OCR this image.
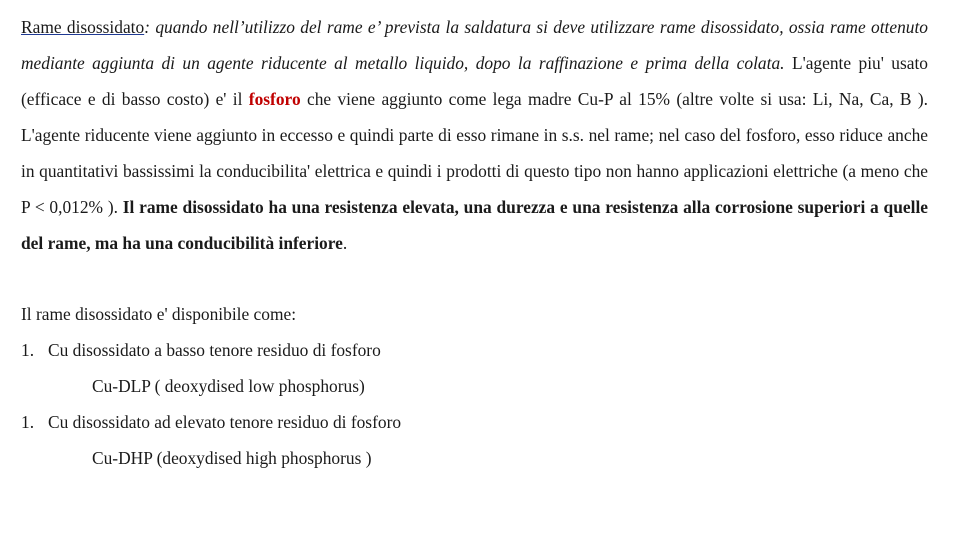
Rame disossidato: quando nell’utilizzo del rame e’ prevista la saldatura si deve utilizzare rame disossidato, ossia rame ottenuto mediante aggiunta di un agente riducente al metallo liquido, dopo la raffinazione e prima della colata. L'agente piu' usato (efficace e di basso costo) e' il fosforo che viene aggiunto come lega madre Cu-P al 15% (altre volte si usa: Li, Na, Ca, B ). L'agente riducente viene aggiunto in eccesso e quindi parte di esso rimane in s.s. nel rame; nel caso del fosforo, esso riduce anche in quantitativi bassissimi la conducibilita' elettrica e quindi i prodotti di questo tipo non hanno applicazioni elettriche (a meno che P < 0,012% ). Il rame disossidato ha una resistenza elevata, una durezza e una resistenza alla corrosione superiori a quelle del rame, ma ha una conducibilità inferiore.

Il rame disossidato e' disponibile come:

1. Cu disossidato a basso tenore residuo di fosforo

Cu-DLP ( deoxydised low phosphorus)

1. Cu disossidato ad elevato tenore residuo di fosforo

Cu-DHP (deoxydised high phosphorus )
